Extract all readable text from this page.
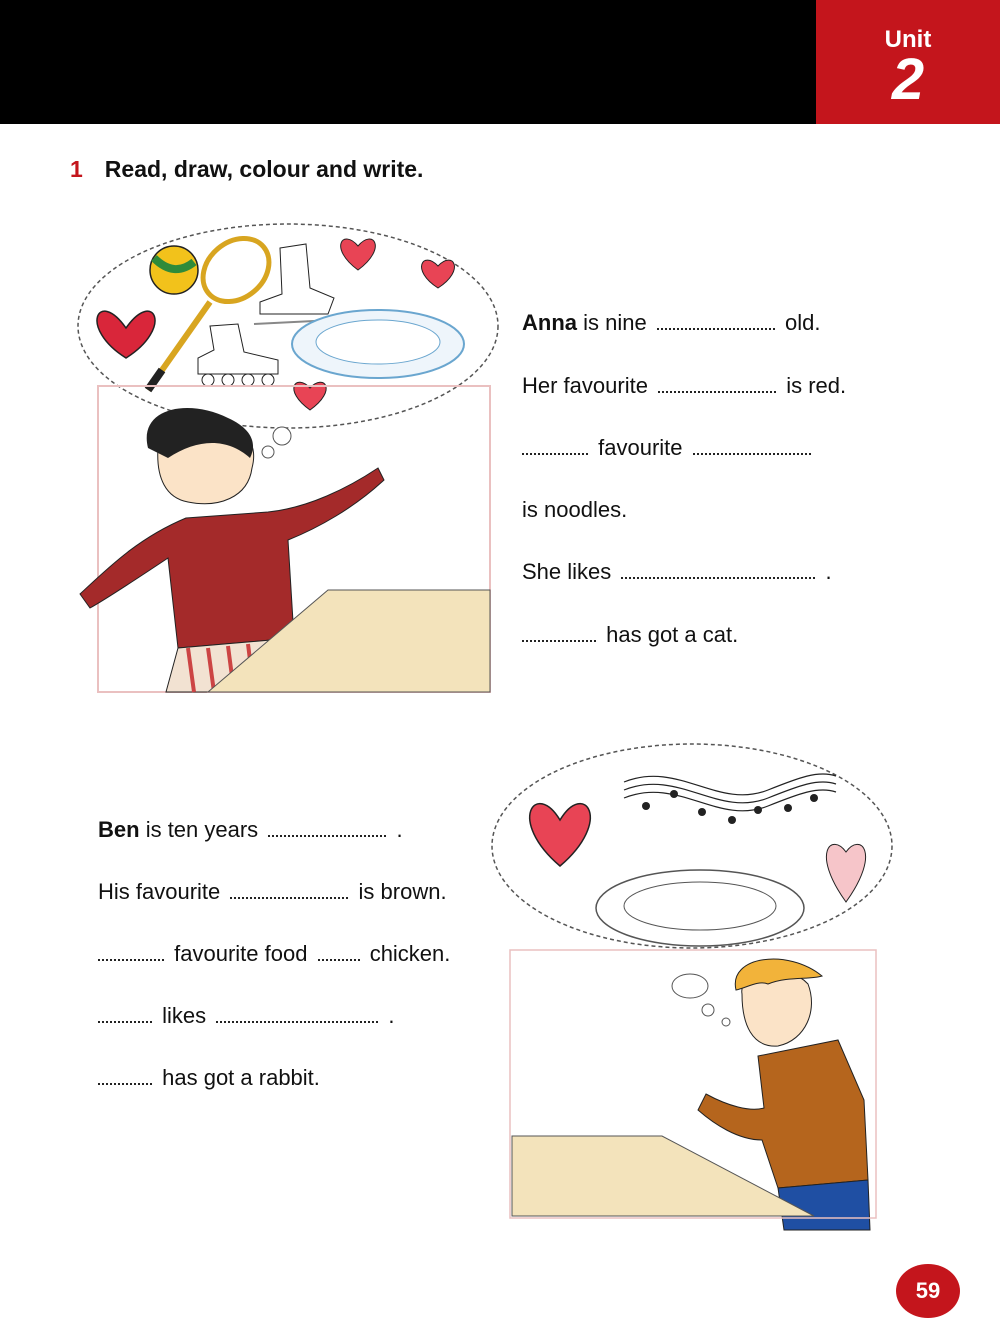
Unit
2
1 Read, draw, colour and write.
Anna is nine	old.
Her favourite	is red.
favourite
is noodles.
She likes	.
has got a cat.
Ben is ten years	.
His favourite	is brown.
favourite food	chicken.
likes	.
has got a rabbit.
59
